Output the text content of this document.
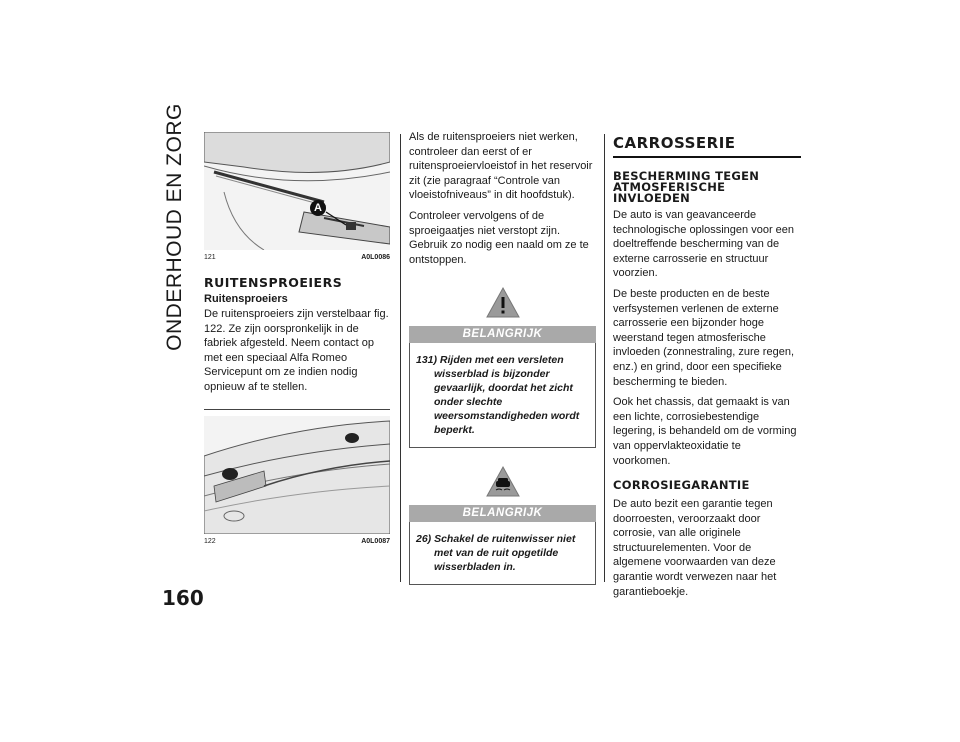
ONDERHOUD EN ZORG
160
A
121	A0L0086
RUITENSPROEIERS
Ruitensproeiers

De ruitensproeiers zijn verstelbaar fig. 122. Ze zijn oorspronkelijk in de fabriek afgesteld. Neem contact op met een speciaal Alfa Romeo Servicepunt om ze indien nodig opnieuw af te stellen.

122	A0L0087

Als de ruitensproeiers niet werken, controleer dan eerst of er ruitensproeiervloeistof in het reservoir zit (zie paragraaf “Controle van vloeistofniveaus” in dit hoofdstuk).

Controleer vervolgens of de sproeigaatjes niet verstopt zijn. Gebruik zo nodig een naald om ze te ontstoppen.

BELANGRIJK
131) Rijden met een versleten wisserblad is bijzonder gevaarlijk, doordat het zicht onder slechte weersomstandigheden wordt beperkt.
BELANGRIJK
26) Schakel de ruitenwisser niet met van de ruit opgetilde wisserbladen in.
CARROSSERIE
BESCHERMING TEGEN ATMOSFERISCHE INVLOEDEN

De auto is van geavanceerde technologische oplossingen voor een doeltreffende bescherming van de externe carrosserie en structuur voorzien.

De beste producten en de beste verfsystemen verlenen de externe carrosserie een bijzonder hoge weerstand tegen atmosferische invloeden (zonnestraling, zure regen, enz.) en grind, door een specifieke bescherming te bieden.

Ook het chassis, dat gemaakt is van een lichte, corrosiebestendige legering, is behandeld om de vorming van oppervlakteoxidatie te voorkomen.

CORROSIEGARANTIE

De auto bezit een garantie tegen doorroesten, veroorzaakt door corrosie, van alle originele structuurelementen. Voor de algemene voorwaarden van deze garantie wordt verwezen naar het garantieboekje.
